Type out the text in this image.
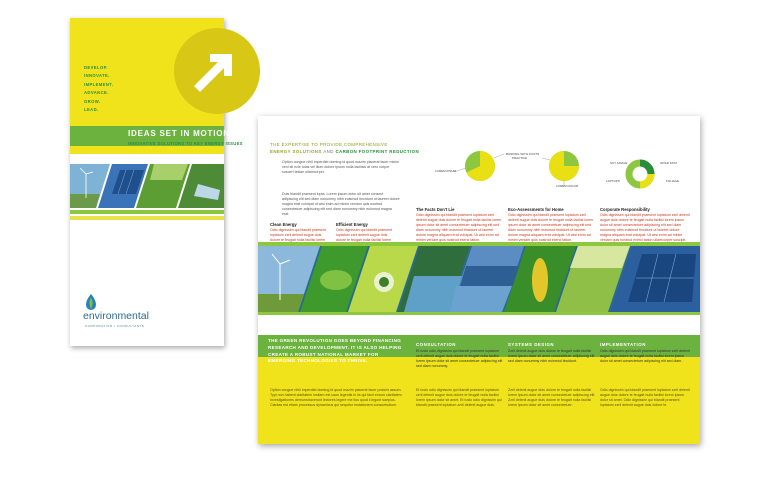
DEVELOP.
INNOVATE.
IMPLEMENT.
ADVANCE.
GROW.
LEAD.
IDEAS SET IN MOTION
INNOVATIVE SOLUTIONS TO KEY ENERGY ISSUES
environmental
CORPORATION • CONSULTANTS
THE EXPERTISE TO PROVIDE COMPREHENSIVE
ENERGY SOLUTIONS AND CARBON FOOTPRINT REDUCTION
Option congue nihil imperdiet doming id quod mazim placerat facer minim veni sit ecle tulas vel illum dolore ipsum nulla facilisis at vero corpor suscert tekian ullamcorper.
Duis blandit praesent lupta. Lorem ipsum dolor sit amet consect adipiscing elit sed diam nonummy nibh euismod tincidunt ut laoreet dolore magna erat volutpat ut wisi enim ad minim veniam quis nostrud consectetuer adipiscing elit sed diam nonummy nibh euismod magna erat.
Clean Energy
Odio dignissim qui blandit praesent luptatum zzril delenit augue duis dolore te feugait nulla facilisi lorem
Efficient Energy
Odio dignissim qui blandit praesent luptatum zzril delenit augue duis dolore te feugait nulla facilisi lorem
BANKING WITH FOOTS
LOREM IPSUM
PRACTICE
LOREM DOLOR
SUY FAVICE	INVAR FAST
LAPTOPS	FOLIAGE
The Facts Don't Lie
Odio dignissim qui blandit praesent luptatum zzril delenit augue duis dolore te feugait nulla facilisi lorem ipsum dolor sit amet consectetuer adipiscing elit sed diam nonummy nibh euismod tincidunt ut laoreet dolore magna aliquam erat volutpat. Ut wisi enim ad minim veniam quis nostrud exerci tation.
Eco-Assessments for Home
Odio dignissim qui blandit praesent luptatum zzril delenit augue duis dolore te feugait nulla facilisi lorem ipsum dolor sit amet consectetuer adipiscing elit sed diam nonummy nibh euismod tincidunt ut laoreet dolore magna aliquam erat volutpat. Ut wisi enim ad minim veniam quis nostrud exerci tation.
Corporate Responsibility
Odio dignissim qui blandit praesent luptatum zzril delenit augue duis dolore te feugait nulla facilisi lorem ipsum dolor sit amet consectetuer adipiscing elit sed diam nonummy nibh euismod tincidunt ut laoreet dolore magna aliquam erat volutpat. Ut wisi enim ad minim veniam quis nostrud exerci tation ullamcorper suscipit.
THE GREEN REVOLUTION GOES BEYOND FINANCING RESEARCH AND DEVELOPMENT. IT IS ALSO HELPING CREATE A ROBUST NATIONAL MARKET FOR EMERGING TECHNOLOGIES TO THRIVE.
Option congue nihil imperdiet doming id quod mazim placerat facer possim assum. Typi non habent claritatem insitam est usus legentis in iis qui facit eorum claritatem. Investigationes demonstraverunt lectores legere me lius quod ii legunt saepius. Claritas est etiam processus dynamicus qui sequitur mutationem consuetudium.
CONSULTATION
Et iusto odio dignissim qui blandit praesent luptatum zzril delenit augue duis dolore te feugait nulla facilisi lorem ipsum dolor sit amet consectetuer adipiscing elit sed diam nonummy.
Et iusto odio dignissim qui blandit praesent luptatum zzril delenit augue duis dolore te feugait nulla facilisi lorem ipsum dolor sit amet. Et iusto odio dignissim qui blandit praesent luptatum zzril delenit augue duis.
SYSTEMS DESIGN
Zzril delenit augue duis dolore te feugait nulla facilisi lorem ipsum dolor sit amet consectetuer adipiscing elit sed diam nonummy nibh euismod tincidunt.
Zzril delenit augue duis dolore te feugait nulla facilisi lorem ipsum dolor sit amet consectetuer adipiscing elit. Zzril delenit augue duis dolore te feugait nulla facilisi lorem ipsum dolor sit amet consectetuer.
IMPLEMENTATION
Odio dignissim qui blandit praesent luptatum zzril delenit augue duis dolore te feugait nulla facilisi lorem ipsum dolor sit amet consectetuer adipiscing elit sed diam.
Odio dignissim qui blandit praesent luptatum zzril delenit augue duis dolore te feugait nulla facilisi lorem ipsum dolor sit amet. Odio dignissim qui blandit praesent luptatum zzril delenit augue duis dolore te.
